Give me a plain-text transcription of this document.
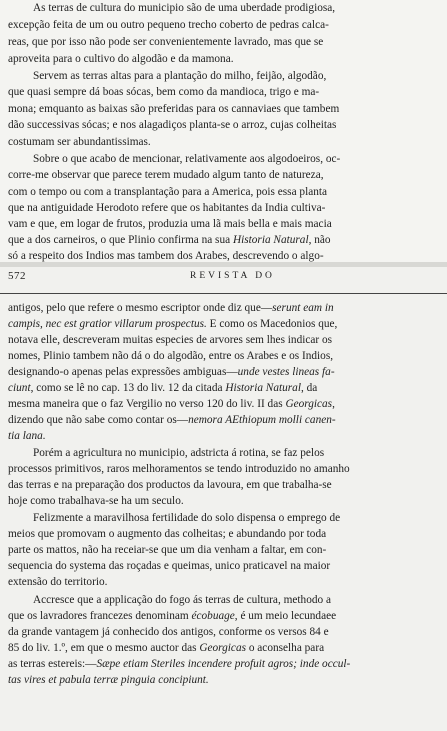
As terras de cultura do municipio são de uma uberdade prodigiosa,
excepção feita de um ou outro pequeno trecho coberto de pedras calca-
reas, que por isso não pode ser convenientemente lavrado, mas que se
aproveita para o cultivo do algodão e da mamona.
Servem as terras altas para a plantação do milho, feijão, algodão,
que quasi sempre dá boas sócas, bem como da mandioca, trigo e ma-
mona; emquanto as baixas são preferidas para os cannaviaes que tambem
dão successivas sócas; e nos alagadiços planta-se o arroz, cujas colheitas
costumam ser abundantissimas.
Sobre o que acabo de mencionar, relativamente aos algodoeiros, oc-
corre-me observar que parece terem mudado algum tanto de natureza,
com o tempo ou com a transplantação para a America, pois essa planta
que na antiguidade Herodoto refere que os habitantes da India cultiva-
vam e que, em logar de frutos, produzia uma lã mais bella e mais macia
que a dos carneiros, o que Plinio confirma na sua Historia Natural, não
só a respeito dos Indios mas tambem dos Arabes, descrevendo o algo-
572	REVISTA DO
antigos, pelo que refere o mesmo escriptor onde diz que—serunt eam in
campis, nec est gratior villarum prospectus. E como os Macedonios que,
notava elle, descreveram muitas especies de arvores sem lhes indicar os
nomes, Plinio tambem não dá o do algodão, entre os Arabes e os Indios,
designando-o apenas pelas expressões ambiguas—unde vestes lineas fa-
ciunt, como se lê no cap. 13 do liv. 12 da citada Historia Natural, da
mesma maneira que o faz Vergilio no verso 120 do liv. II das Georgicas,
dizendo que não sabe como contar os—nemora AEthiopum molli canen-
tia lana.
Porém a agricultura no municipio, adstricta á rotina, se faz pelos
processos primitivos, raros melhoramentos se tendo introduzido no amanho
das terras e na preparação dos productos da lavoura, em que trabalha-se
hoje como trabalhava-se ha um seculo.
Felizmente a maravilhosa fertilidade do solo dispensa o emprego de
meios que promovam o augmento das colheitas; e abundando por toda
parte os mattos, não ha receiar-se que um dia venham a faltar, em con-
sequencia do systema das roçadas e queimas, unico praticavel na maior
extensão do territorio.
Accresce que a applicação do fogo ás terras de cultura, methodo a
que os lavradores francezes denominam écobuage, é um meio lecundaee
da grande vantagem já conhecido dos antigos, conforme os versos 84 e
85 do liv. 1.º, em que o mesmo auctor das Georgicas o aconselha para
as terras estereis:—Sæpe etiam Steriles incendere profuit agros; inde occul-
tas vires et pabula terræ pinguia concipiunt.
